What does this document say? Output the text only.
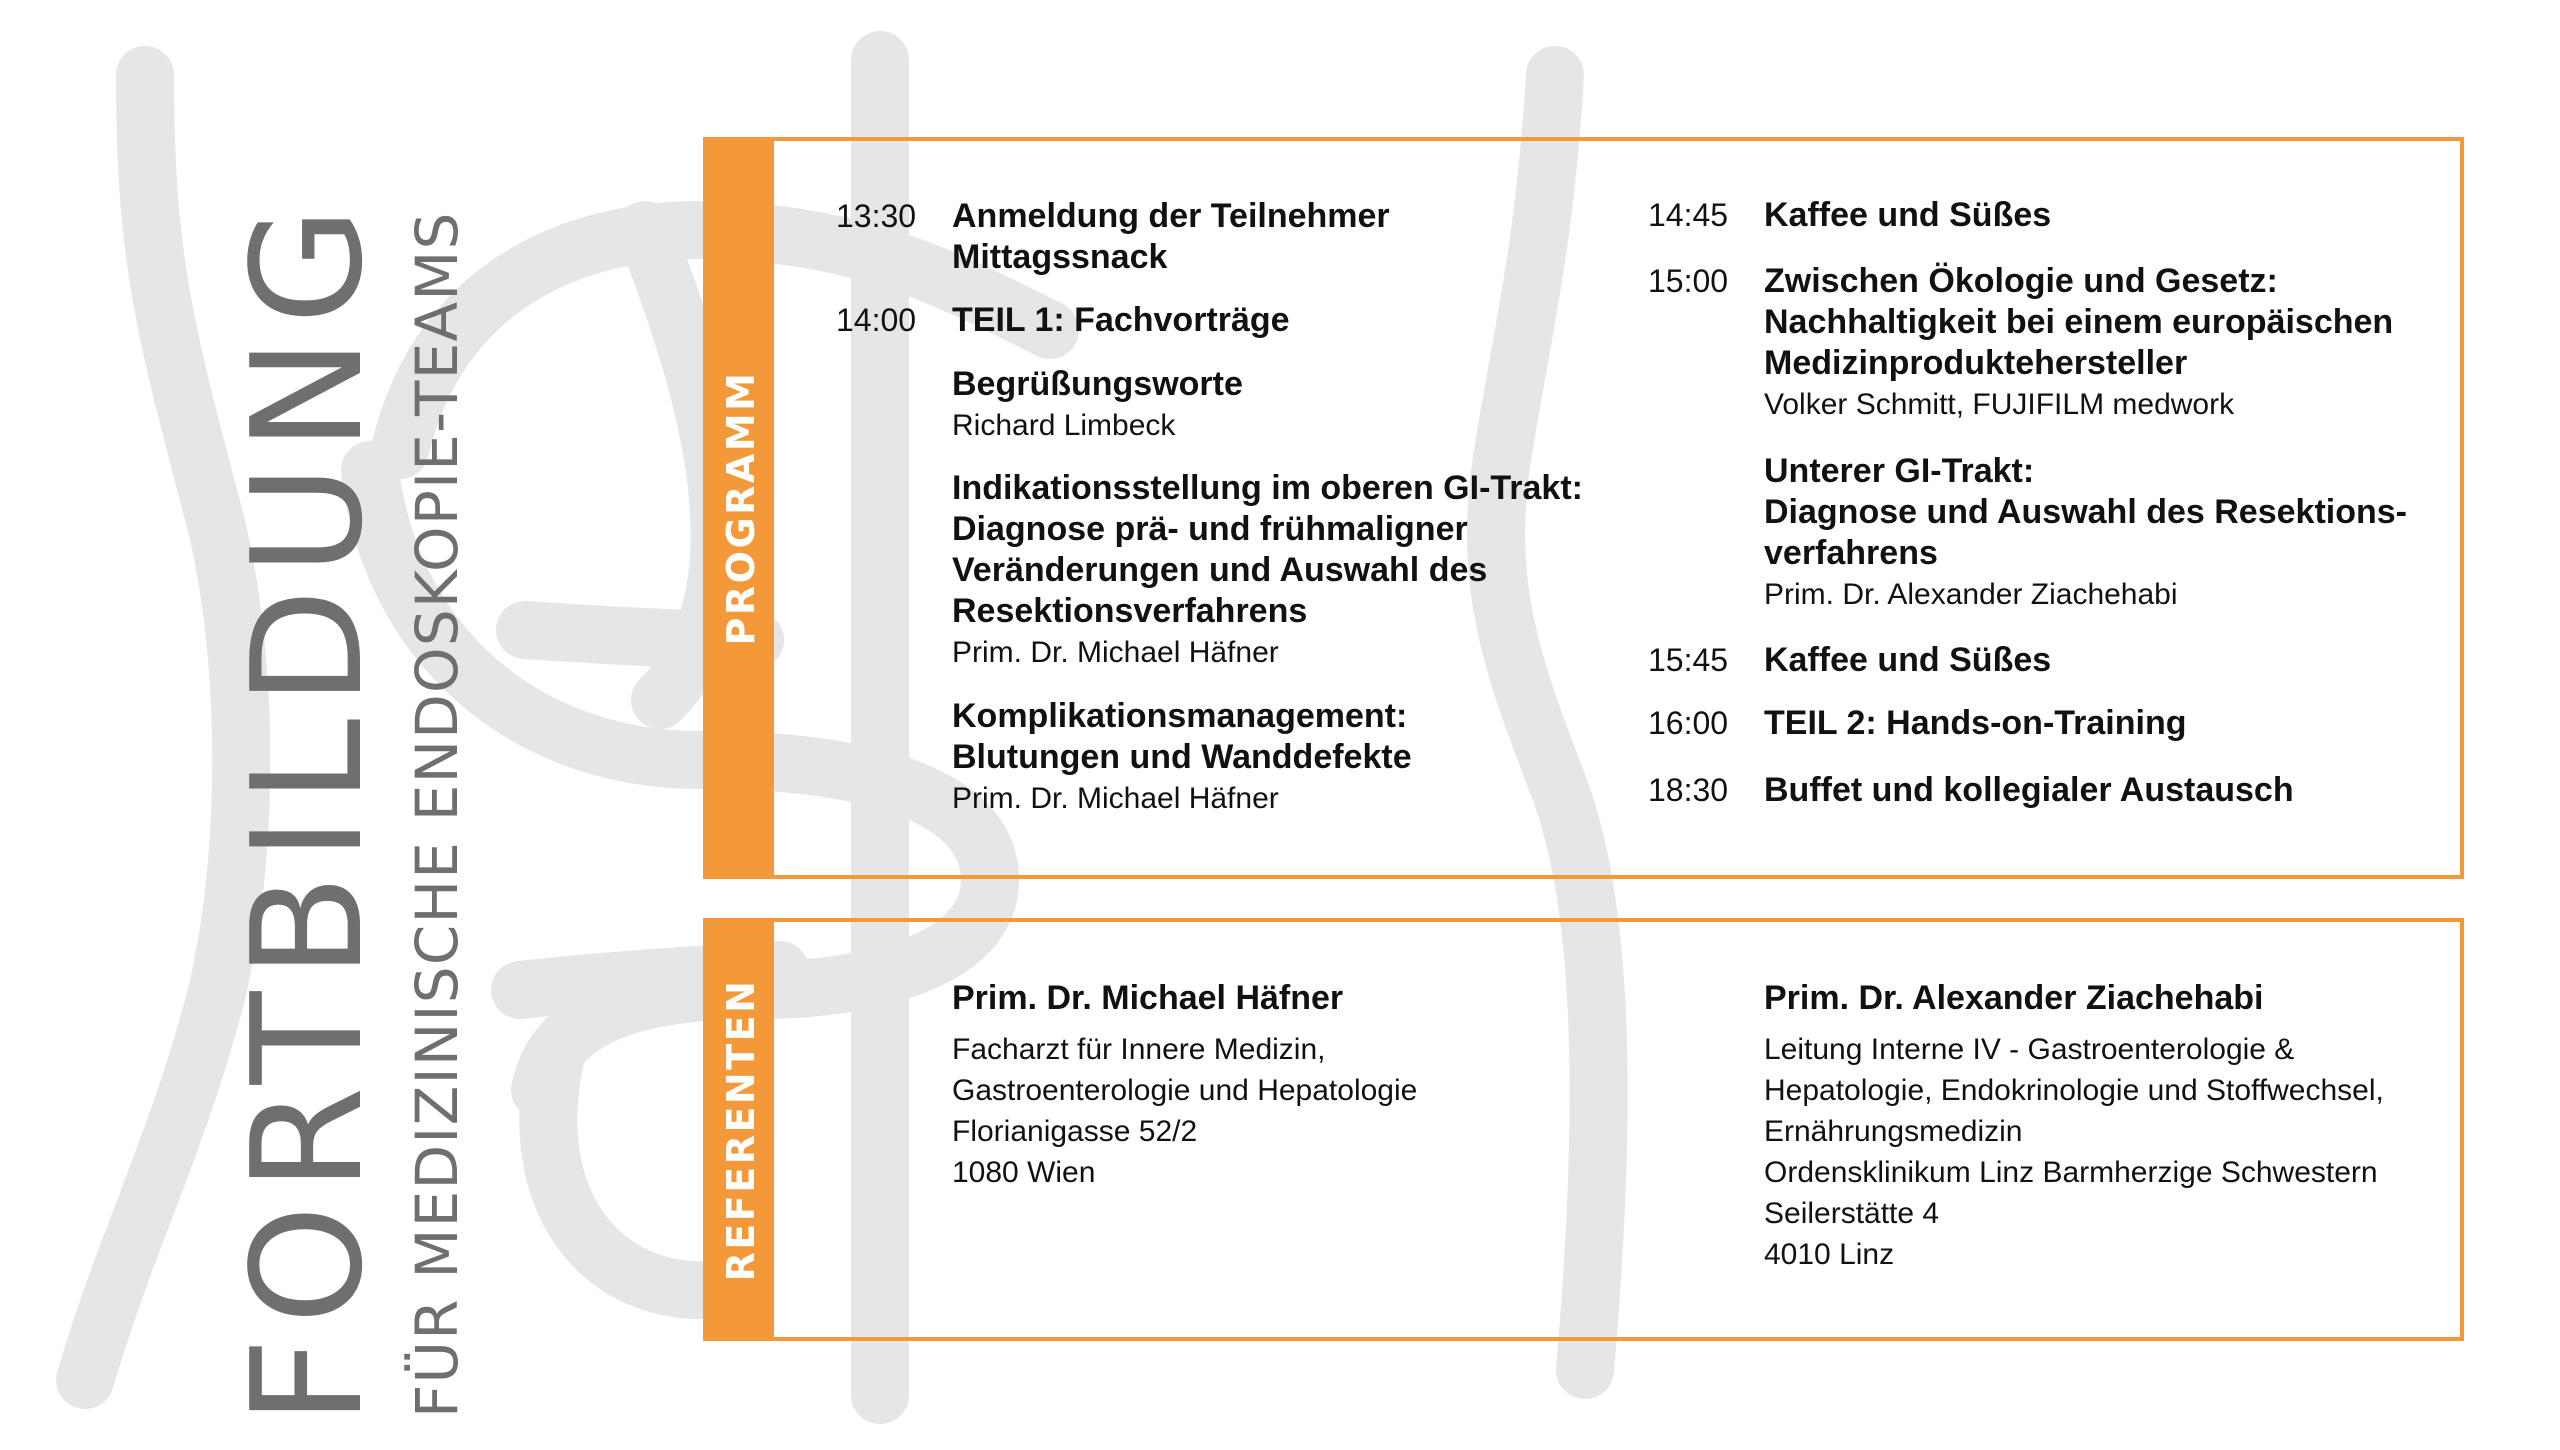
FORTBILDUNG FÜR MEDIZINISCHE ENDOSKOPIE-TEAMS	PROGRAMM
13:30 Anmeldung der Teilnehmer
Mittagssnack
14:00 TEIL 1: Fachvorträge
Begrüßungsworte
Richard Limbeck
Indikationsstellung im oberen GI-Trakt:
Diagnose prä- und frühmaligner
Veränderungen und Auswahl des
Resektionsverfahrens
Prim. Dr. Michael Häfner
Komplikationsmanagement:
Blutungen und Wanddefekte
Prim. Dr. Michael Häfner
14:45 Kaffee und Süßes
15:00 Zwischen Ökologie und Gesetz:
Nachhaltigkeit bei einem europäischen
Medizinproduktehersteller
Volker Schmitt, FUJIFILM medwork
Unterer GI-Trakt:
Diagnose und Auswahl des Resektions-
verfahrens
Prim. Dr. Alexander Ziachehabi
15:45 Kaffee und Süßes
16:00 TEIL 2: Hands-on-Training
18:30 Buffet und kollegialer Austausch
REFERENTEN	Prim. Dr. Michael Häfner
Facharzt für Innere Medizin,
Gastroenterologie und Hepatologie
Florianigasse 52/2
1080 Wien
Prim. Dr. Alexander Ziachehabi
Leitung Interne IV - Gastroenterologie &
Hepatologie, Endokrinologie und Stoffwechsel,
Ernährungsmedizin
Ordensklinikum Linz Barmherzige Schwestern
Seilerstätte 4
4010 Linz
